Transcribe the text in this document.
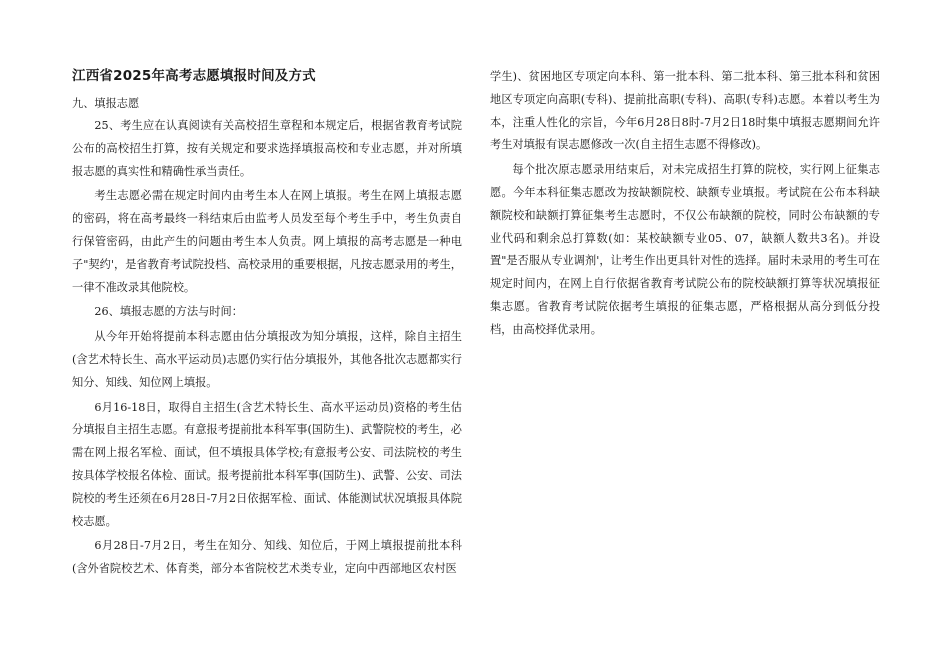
江西省2025年高考志愿填报时间及方式
九、填报志愿

25、考生应在认真阅读有关高校招生章程和本规定后，根据省教育考试院公布的高校招生打算，按有关规定和要求选择填报高校和专业志愿，并对所填报志愿的真实性和精确性承当责任。

考生志愿必需在规定时间内由考生本人在网上填报。考生在网上填报志愿的密码，将在高考最终一科结束后由监考人员发至每个考生手中，考生负责自行保管密码，由此产生的问题由考生本人负责。网上填报的高考志愿是一种电子"契约'，是省教育考试院投档、高校录用的重要根据，凡按志愿录用的考生，一律不准改录其他院校。

26、填报志愿的方法与时间：

从今年开始将提前本科志愿由估分填报改为知分填报，这样，除自主招生(含艺术特长生、高水平运动员)志愿仍实行估分填报外，其他各批次志愿都实行知分、知线、知位网上填报。

6月16-18日，取得自主招生(含艺术特长生、高水平运动员)资格的考生估分填报自主招生志愿。有意报考提前批本科军事(国防生)、武警院校的考生，必需在网上报名军检、面试，但不填报具体学校;有意报考公安、司法院校的考生按具体学校报名体检、面试。报考提前批本科军事(国防生)、武警、公安、司法院校的考生还须在6月28日-7月2日依据军检、面试、体能测试状况填报具体院校志愿。

6月28日-7月2日，考生在知分、知线、知位后，于网上填报提前批本科(含外省院校艺术、体育类，部分本省院校艺术类专业，定向中西部地区农村医

学生)、贫困地区专项定向本科、第一批本科、第二批本科、第三批本科和贫困地区专项定向高职(专科)、提前批高职(专科)、高职(专科)志愿。本着以考生为本，注重人性化的宗旨，今年6月28日8时-7月2日18时集中填报志愿期间允许考生对填报有误志愿修改一次(自主招生志愿不得修改)。

每个批次原志愿录用结束后，对未完成招生打算的院校，实行网上征集志愿。今年本科征集志愿改为按缺额院校、缺额专业填报。考试院在公布本科缺额院校和缺额打算征集考生志愿时，不仅公布缺额的院校，同时公布缺额的专业代码和剩余总打算数(如：某校缺额专业05、07，缺额人数共3名)。并设置"是否服从专业调剂'，让考生作出更具针对性的选择。届时未录用的考生可在规定时间内，在网上自行依据省教育考试院公布的院校缺额打算等状况填报征集志愿。省教育考试院依据考生填报的征集志愿，严格根据从高分到低分投档，由高校择优录用。
